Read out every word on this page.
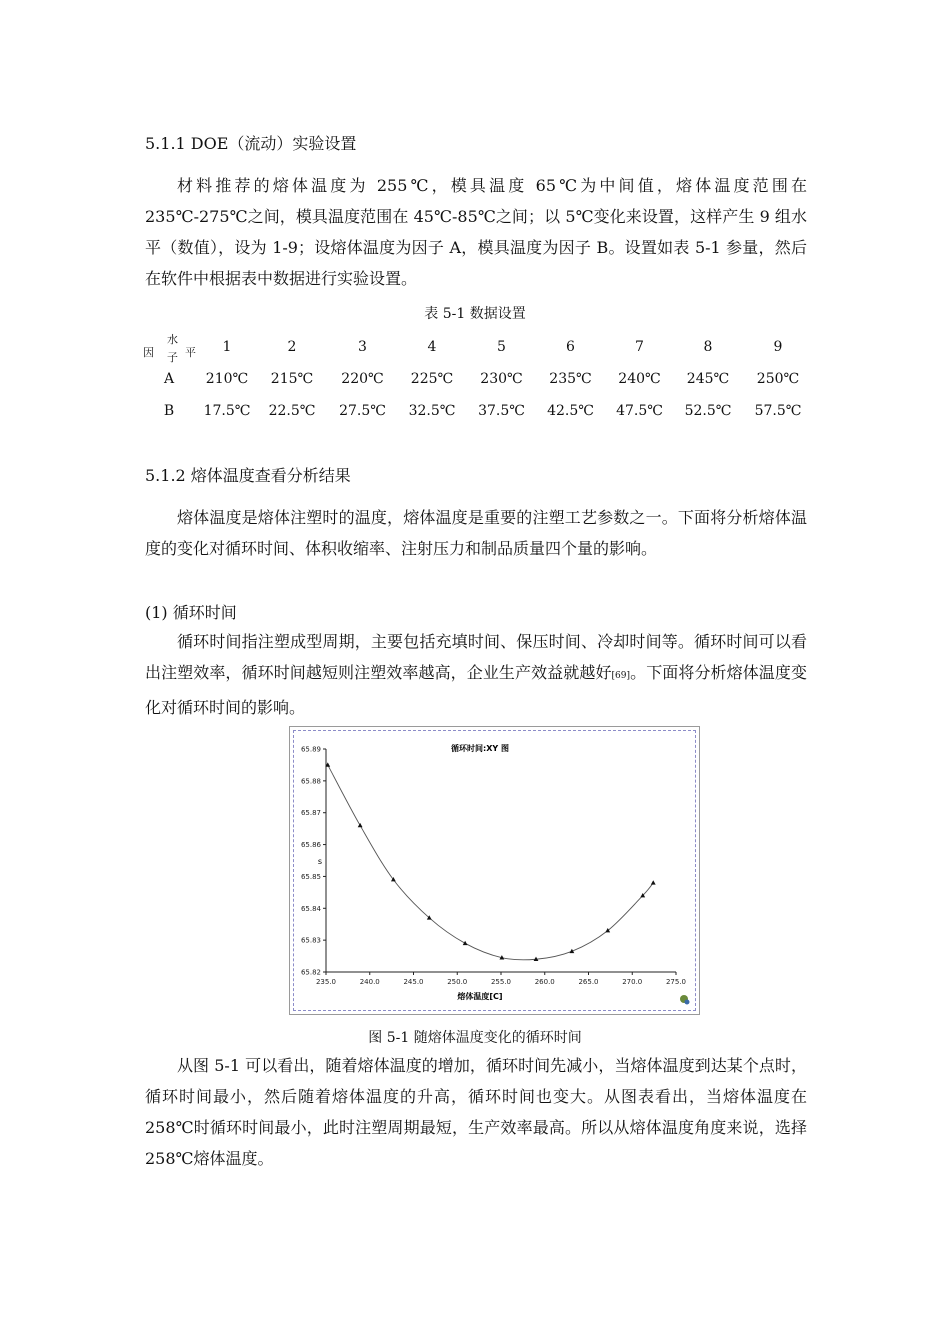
5.1.1 DOE（流动）实验设置
材料推荐的熔体温度为 255℃，模具温度 65℃为中间值，熔体温度范围在235℃-275℃之间，模具温度范围在 45℃-85℃之间；以 5℃变化来设置，这样产生 9 组水平（数值），设为 1-9；设熔体温度为因子 A，模具温度为因子 B。设置如表 5-1 参量，然后在软件中根据表中数据进行实验设置。
表 5-1 数据设置
因
水
子 平	1	2	3	4	5	6	7	8	9
A	210℃	215℃	220℃	225℃	230℃	235℃	240℃	245℃	250℃
B	17.5℃	22.5℃	27.5℃	32.5℃	37.5℃	42.5℃	47.5℃	52.5℃	57.5℃
5.1.2 熔体温度查看分析结果
熔体温度是熔体注塑时的温度，熔体温度是重要的注塑工艺参数之一。下面将分析熔体温度的变化对循环时间、体积收缩率、注射压力和制品质量四个量的影响。
(1) 循环时间
循环时间指注塑成型周期，主要包括充填时间、保压时间、冷却时间等。循环时间可以看出注塑效率，循环时间越短则注塑效率越高，企业生产效益就越好[69]。下面将分析熔体温度变化对循环时间的影响。
循环时间:XY 图
熔体温度[C]
s
235.0	240.0	245.0	250.0	255.0	260.0	265.0	270.0	275.0
65.82
65.83
65.84
65.85
65.86
65.87
65.88
65.89
图 5-1 随熔体温度变化的循环时间
从图 5-1 可以看出，随着熔体温度的增加，循环时间先减小，当熔体温度到达某个点时，循环时间最小，然后随着熔体温度的升高，循环时间也变大。从图表看出，当熔体温度在 258℃时循环时间最小，此时注塑周期最短，生产效率最高。所以从熔体温度角度来说，选择 258℃熔体温度。
